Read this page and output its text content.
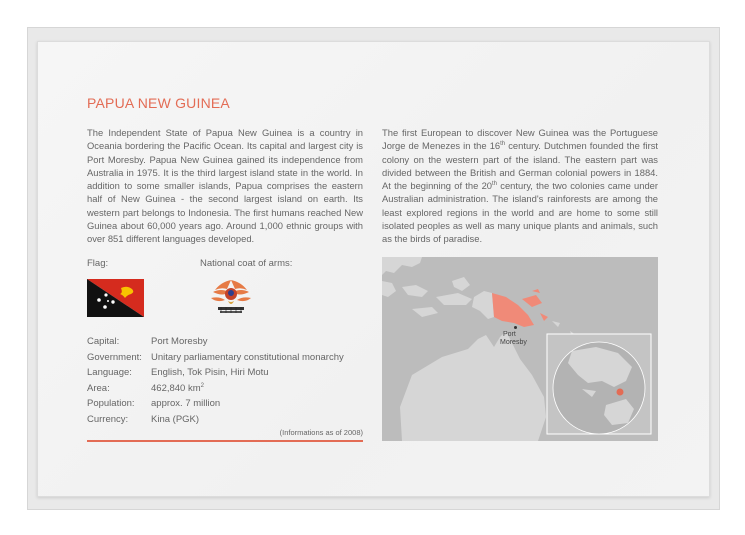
PAPUA NEW GUINEA

The Independent State of Papua New Guinea is a country in Oceania bordering the Pacific Ocean. Its capital and largest city is Port Moresby. Papua New Guinea gained its independence from Australia in 1975. It is the third largest island state in the world. In addition to some smaller islands, Papua comprises the eastern half of New Guinea - the second largest island on earth. Its western part belongs to Indonesia. The first humans reached New Guinea about 60,000 years ago. Around 1,000 ethnic groups with over 851 different languages developed.

The first European to discover New Guinea was the Portuguese Jorge de Menezes in the 16th century. Dutchmen founded the first colony on the western part of the island. The eastern part was divided between the British and German colonial powers in 1884. At the beginning of the 20th century, the two colonies came under Australian administration. The island's rainforests are among the least explored regions in the world and are home to some still isolated peoples as well as many unique plants and animals, such as the birds of paradise.

Flag:	National coat of arms:
Capital:	Port Moresby
Government: Unitary parliamentary constitutional monarchy
Language:	English, Tok Pisin, Hiri Motu
Area:	462,840 $km^2$
Population:	approx. 7 million
Currency:	Kina (PGK)
(Informations as of 2008)
Port
Moresby
